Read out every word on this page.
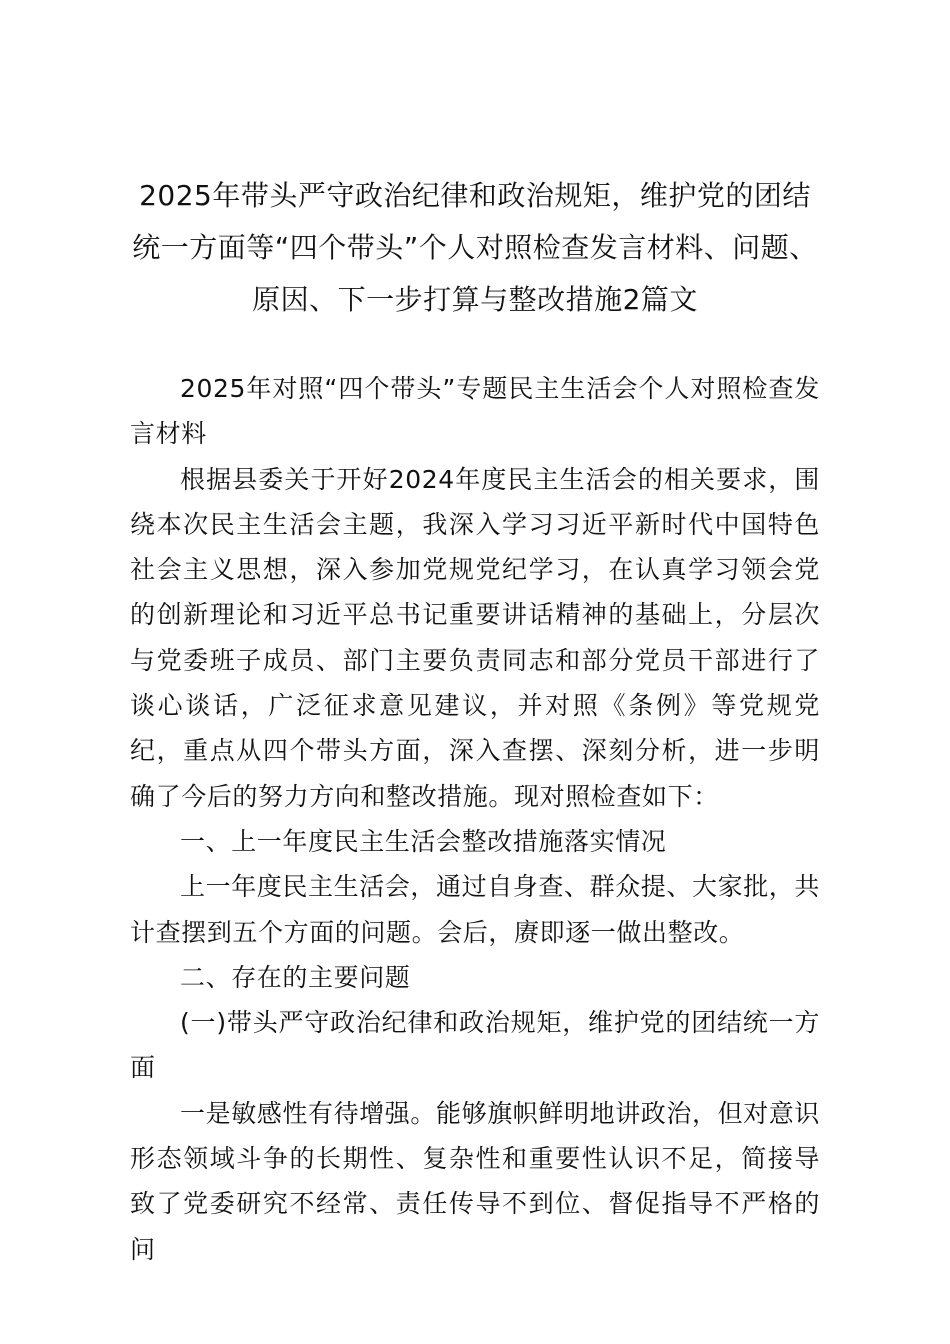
2025年带头严守政治纪律和政治规矩，维护党的团结
统一方面等“四个带头”个人对照检查发言材料、问题、
原因、下一步打算与整改措施2篇文

2025年对照“四个带头”专题民主生活会个人对照检查发言材料

根据县委关于开好2024年度民主生活会的相关要求，围绕本次民主生活会主题，我深入学习习近平新时代中国特色社会主义思想，深入参加党规党纪学习，在认真学习领会党的创新理论和习近平总书记重要讲话精神的基础上，分层次与党委班子成员、部门主要负责同志和部分党员干部进行了谈心谈话，广泛征求意见建议，并对照《条例》等党规党纪，重点从四个带头方面，深入查摆、深刻分析，进一步明确了今后的努力方向和整改措施。现对照检查如下：

一、上一年度民主生活会整改措施落实情况

上一年度民主生活会，通过自身查、群众提、大家批，共计查摆到五个方面的问题。会后，赓即逐一做出整改。

二、存在的主要问题

(一)带头严守政治纪律和政治规矩，维护党的团结统一方面

一是敏感性有待增强。能够旗帜鲜明地讲政治，但对意识形态领域斗争的长期性、复杂性和重要性认识不足，简接导致了党委研究不经常、责任传导不到位、督促指导不严格的问
